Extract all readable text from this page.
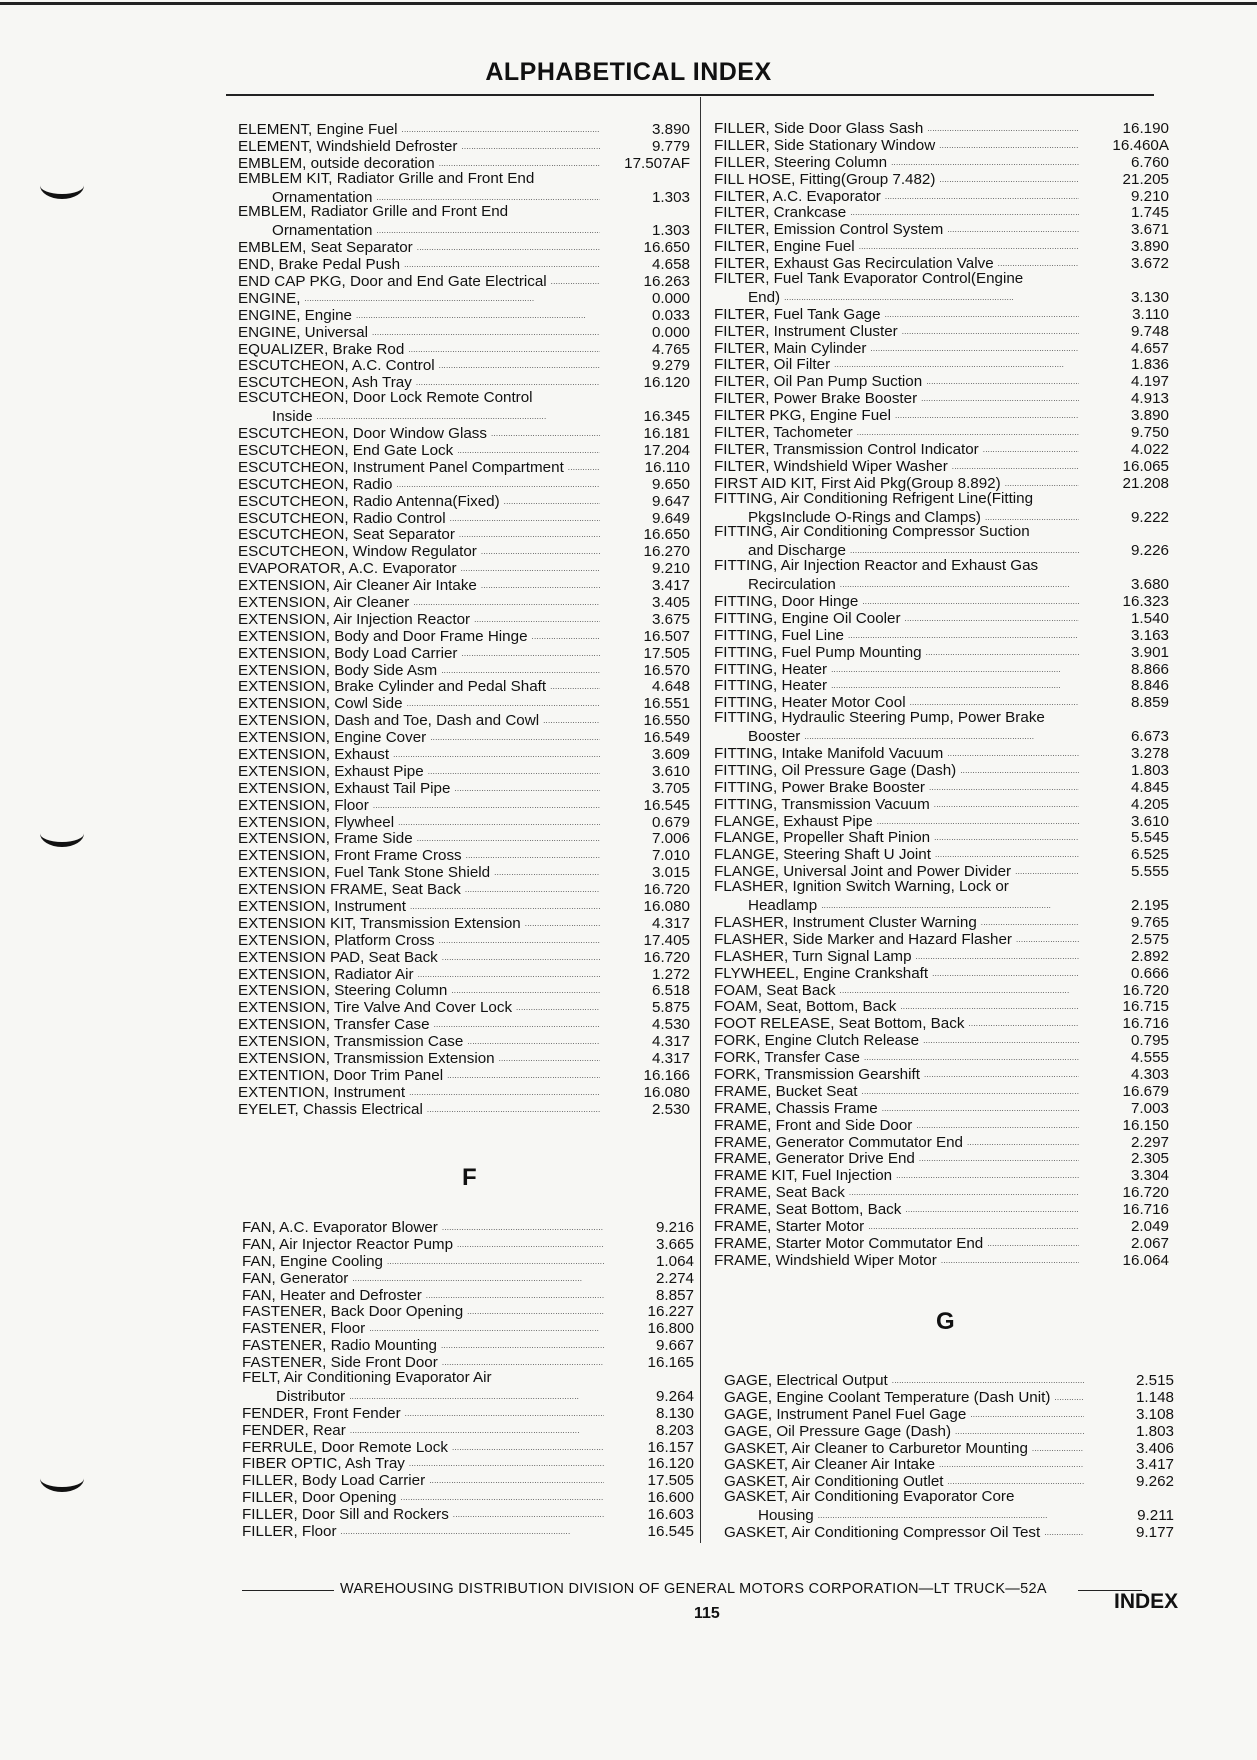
ALPHABETICAL INDEX
ELEMENT, Engine Fuel . . .	3.890
ELEMENT, Windshield Defroster . . .	9.779
EMBLEM, outside decoration . . .	17.507AF
EMBLEM KIT, Radiator Grille and Front End
Ornamentation . . .	1.303
EMBLEM, Radiator Grille and Front End
Ornamentation . . .	1.303
EMBLEM, Seat Separator . . .	16.650
END, Brake Pedal Push . . .	4.658
END CAP PKG, Door and End Gate Electrical . . .	16.263
ENGINE, . . .	0.000
ENGINE, Engine . . .	0.033
ENGINE, Universal . . .	0.000
EQUALIZER, Brake Rod . . .	4.765
ESCUTCHEON, A.C. Control . . .	9.279
ESCUTCHEON, Ash Tray . . .	16.120
ESCUTCHEON, Door Lock Remote Control
Inside . . .	16.345
ESCUTCHEON, Door Window Glass . . .	16.181
ESCUTCHEON, End Gate Lock . . .	17.204
ESCUTCHEON, Instrument Panel Compartment . . .	16.110
ESCUTCHEON, Radio . . .	9.650
ESCUTCHEON, Radio Antenna(Fixed) . . .	9.647
ESCUTCHEON, Radio Control . . .	9.649
ESCUTCHEON, Seat Separator . . .	16.650
ESCUTCHEON, Window Regulator . . .	16.270
EVAPORATOR, A.C. Evaporator . . .	9.210
EXTENSION, Air Cleaner Air Intake . . .	3.417
EXTENSION, Air Cleaner . . .	3.405
EXTENSION, Air Injection Reactor . . .	3.675
EXTENSION, Body and Door Frame Hinge . . .	16.507
EXTENSION, Body Load Carrier . . .	17.505
EXTENSION, Body Side Asm . . .	16.570
EXTENSION, Brake Cylinder and Pedal Shaft . . .	4.648
EXTENSION, Cowl Side . . .	16.551
EXTENSION, Dash and Toe, Dash and Cowl . . .	16.550
EXTENSION, Engine Cover . . .	16.549
EXTENSION, Exhaust . . .	3.609
EXTENSION, Exhaust Pipe . . .	3.610
EXTENSION, Exhaust Tail Pipe . . .	3.705
EXTENSION, Floor . . .	16.545
EXTENSION, Flywheel . . .	0.679
EXTENSION, Frame Side . . .	7.006
EXTENSION, Front Frame Cross . . .	7.010
EXTENSION, Fuel Tank Stone Shield . . .	3.015
EXTENSION FRAME, Seat Back . . .	16.720
EXTENSION, Instrument . . .	16.080
EXTENSION KIT, Transmission Extension . . .	4.317
EXTENSION, Platform Cross . . .	17.405
EXTENSION PAD, Seat Back . . .	16.720
EXTENSION, Radiator Air . . .	1.272
EXTENSION, Steering Column . . .	6.518
EXTENSION, Tire Valve And Cover Lock . . .	5.875
EXTENSION, Transfer Case . . .	4.530
EXTENSION, Transmission Case . . .	4.317
EXTENSION, Transmission Extension . . .	4.317
EXTENTION, Door Trim Panel . . .	16.166
EXTENTION, Instrument . . .	16.080
EYELET, Chassis Electrical . . .	2.530
F
FAN, A.C. Evaporator Blower . . .	9.216
FAN, Air Injector Reactor Pump . . .	3.665
FAN, Engine Cooling . . .	1.064
FAN, Generator . . .	2.274
FAN, Heater and Defroster . . .	8.857
FASTENER, Back Door Opening . . .	16.227
FASTENER, Floor . . .	16.800
FASTENER, Radio Mounting . . .	9.667
FASTENER, Side Front Door . . .	16.165
FELT, Air Conditioning Evaporator Air
Distributor . . .	9.264
FENDER, Front Fender . . .	8.130
FENDER, Rear . . .	8.203
FERRULE, Door Remote Lock . . .	16.157
FIBER OPTIC, Ash Tray . . .	16.120
FILLER, Body Load Carrier . . .	17.505
FILLER, Door Opening . . .	16.600
FILLER, Door Sill and Rockers . . .	16.603
FILLER, Floor . . .	16.545
FILLER, Side Door Glass Sash . . .	16.190
FILLER, Side Stationary Window . . .	16.460A
FILLER, Steering Column . . .	6.760
FILL HOSE, Fitting(Group 7.482) . . .	21.205
FILTER, A.C. Evaporator . . .	9.210
FILTER, Crankcase . . .	1.745
FILTER, Emission Control System . . .	3.671
FILTER, Engine Fuel . . .	3.890
FILTER, Exhaust Gas Recirculation Valve . . .	3.672
FILTER, Fuel Tank Evaporator Control(Engine
End) . . .	3.130
FILTER, Fuel Tank Gage . . .	3.110
FILTER, Instrument Cluster . . .	9.748
FILTER, Main Cylinder . . .	4.657
FILTER, Oil Filter . . .	1.836
FILTER, Oil Pan Pump Suction . . .	4.197
FILTER, Power Brake Booster . . .	4.913
FILTER PKG, Engine Fuel . . .	3.890
FILTER, Tachometer . . .	9.750
FILTER, Transmission Control Indicator . . .	4.022
FILTER, Windshield Wiper Washer . . .	16.065
FIRST AID KIT, First Aid Pkg(Group 8.892) . . .	21.208
FITTING, Air Conditioning Refrigent Line(Fitting
PkgsInclude O-Rings and Clamps) . . .	9.222
FITTING, Air Conditioning Compressor Suction
and Discharge . . .	9.226
FITTING, Air Injection Reactor and Exhaust Gas
Recirculation . . .	3.680
FITTING, Door Hinge . . .	16.323
FITTING, Engine Oil Cooler . . .	1.540
FITTING, Fuel Line . . .	3.163
FITTING, Fuel Pump Mounting . . .	3.901
FITTING, Heater . . .	8.866
FITTING, Heater . . .	8.846
FITTING, Heater Motor Cool . . .	8.859
FITTING, Hydraulic Steering Pump, Power Brake
Booster . . .	6.673
FITTING, Intake Manifold Vacuum . . .	3.278
FITTING, Oil Pressure Gage (Dash) . . .	1.803
FITTING, Power Brake Booster . . .	4.845
FITTING, Transmission Vacuum . . .	4.205
FLANGE, Exhaust Pipe . . .	3.610
FLANGE, Propeller Shaft Pinion . . .	5.545
FLANGE, Steering Shaft U Joint . . .	6.525
FLANGE, Universal Joint and Power Divider . . .	5.555
FLASHER, Ignition Switch Warning, Lock or
Headlamp . . .	2.195
FLASHER, Instrument Cluster Warning . . .	9.765
FLASHER, Side Marker and Hazard Flasher . . .	2.575
FLASHER, Turn Signal Lamp . . .	2.892
FLYWHEEL, Engine Crankshaft . . .	0.666
FOAM, Seat Back . . .	16.720
FOAM, Seat, Bottom, Back . . .	16.715
FOOT RELEASE, Seat Bottom, Back . . .	16.716
FORK, Engine Clutch Release . . .	0.795
FORK, Transfer Case . . .	4.555
FORK, Transmission Gearshift . . .	4.303
FRAME, Bucket Seat . . .	16.679
FRAME, Chassis Frame . . .	7.003
FRAME, Front and Side Door . . .	16.150
FRAME, Generator Commutator End . . .	2.297
FRAME, Generator Drive End . . .	2.305
FRAME KIT, Fuel Injection . . .	3.304
FRAME, Seat Back . . .	16.720
FRAME, Seat Bottom, Back . . .	16.716
FRAME, Starter Motor . . .	2.049
FRAME, Starter Motor Commutator End . . .	2.067
FRAME, Windshield Wiper Motor . . .	16.064
G
GAGE, Electrical Output . . .	2.515
GAGE, Engine Coolant Temperature (Dash Unit) . . .	1.148
GAGE, Instrument Panel Fuel Gage . . .	3.108
GAGE, Oil Pressure Gage (Dash) . . .	1.803
GASKET, Air Cleaner to Carburetor Mounting . . .	3.406
GASKET, Air Cleaner Air Intake . . .	3.417
GASKET, Air Conditioning Outlet . . .	9.262
GASKET, Air Conditioning Evaporator Core
Housing . . .	9.211
GASKET, Air Conditioning Compressor Oil Test . . .	9.177
WAREHOUSING DISTRIBUTION DIVISION OF GENERAL MOTORS CORPORATION—LT TRUCK—52A
115
INDEX
